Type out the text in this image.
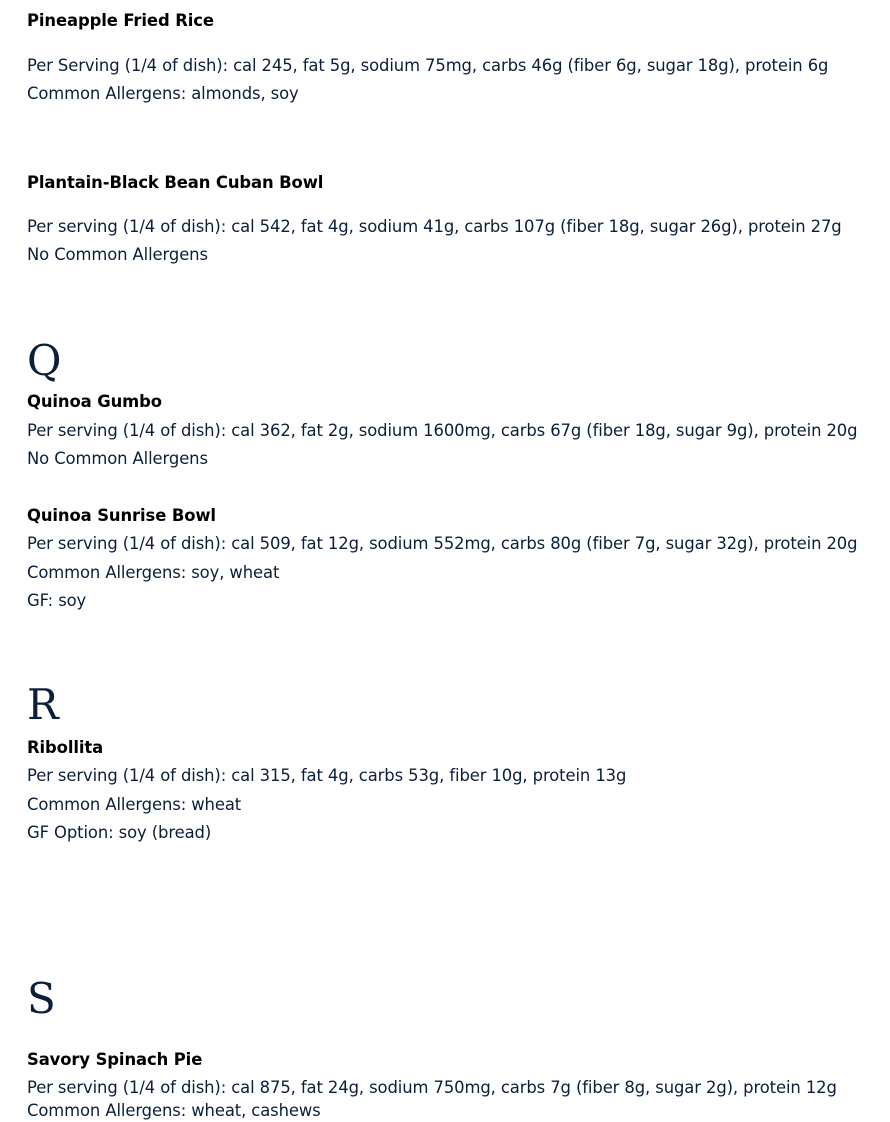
Pineapple Fried Rice
Per Serving (1/4 of dish): cal 245, fat 5g, sodium 75mg, carbs 46g (fiber 6g, sugar 18g), protein 6g
Common Allergens: almonds, soy
Plantain-Black Bean Cuban Bowl
Per serving (1/4 of dish): cal 542, fat 4g, sodium 41g, carbs 107g (fiber 18g, sugar 26g), protein 27g
No Common Allergens
Q
Quinoa Gumbo
Per serving (1/4 of dish): cal 362, fat 2g, sodium 1600mg, carbs 67g (fiber 18g, sugar 9g), protein 20g
No Common Allergens
Quinoa Sunrise Bowl
Per serving (1/4 of dish): cal 509, fat 12g, sodium 552mg, carbs 80g (fiber 7g, sugar 32g), protein 20g
Common Allergens: soy, wheat
GF: soy
R
Ribollita
Per serving (1/4 of dish): cal 315, fat 4g, carbs 53g, fiber 10g, protein 13g
Common Allergens: wheat
GF Option: soy (bread)
S
Savory Spinach Pie
Per serving (1/4 of dish): cal 875, fat 24g, sodium 750mg, carbs 7g (fiber 8g, sugar 2g), protein 12g
Common Allergens: wheat, cashews
